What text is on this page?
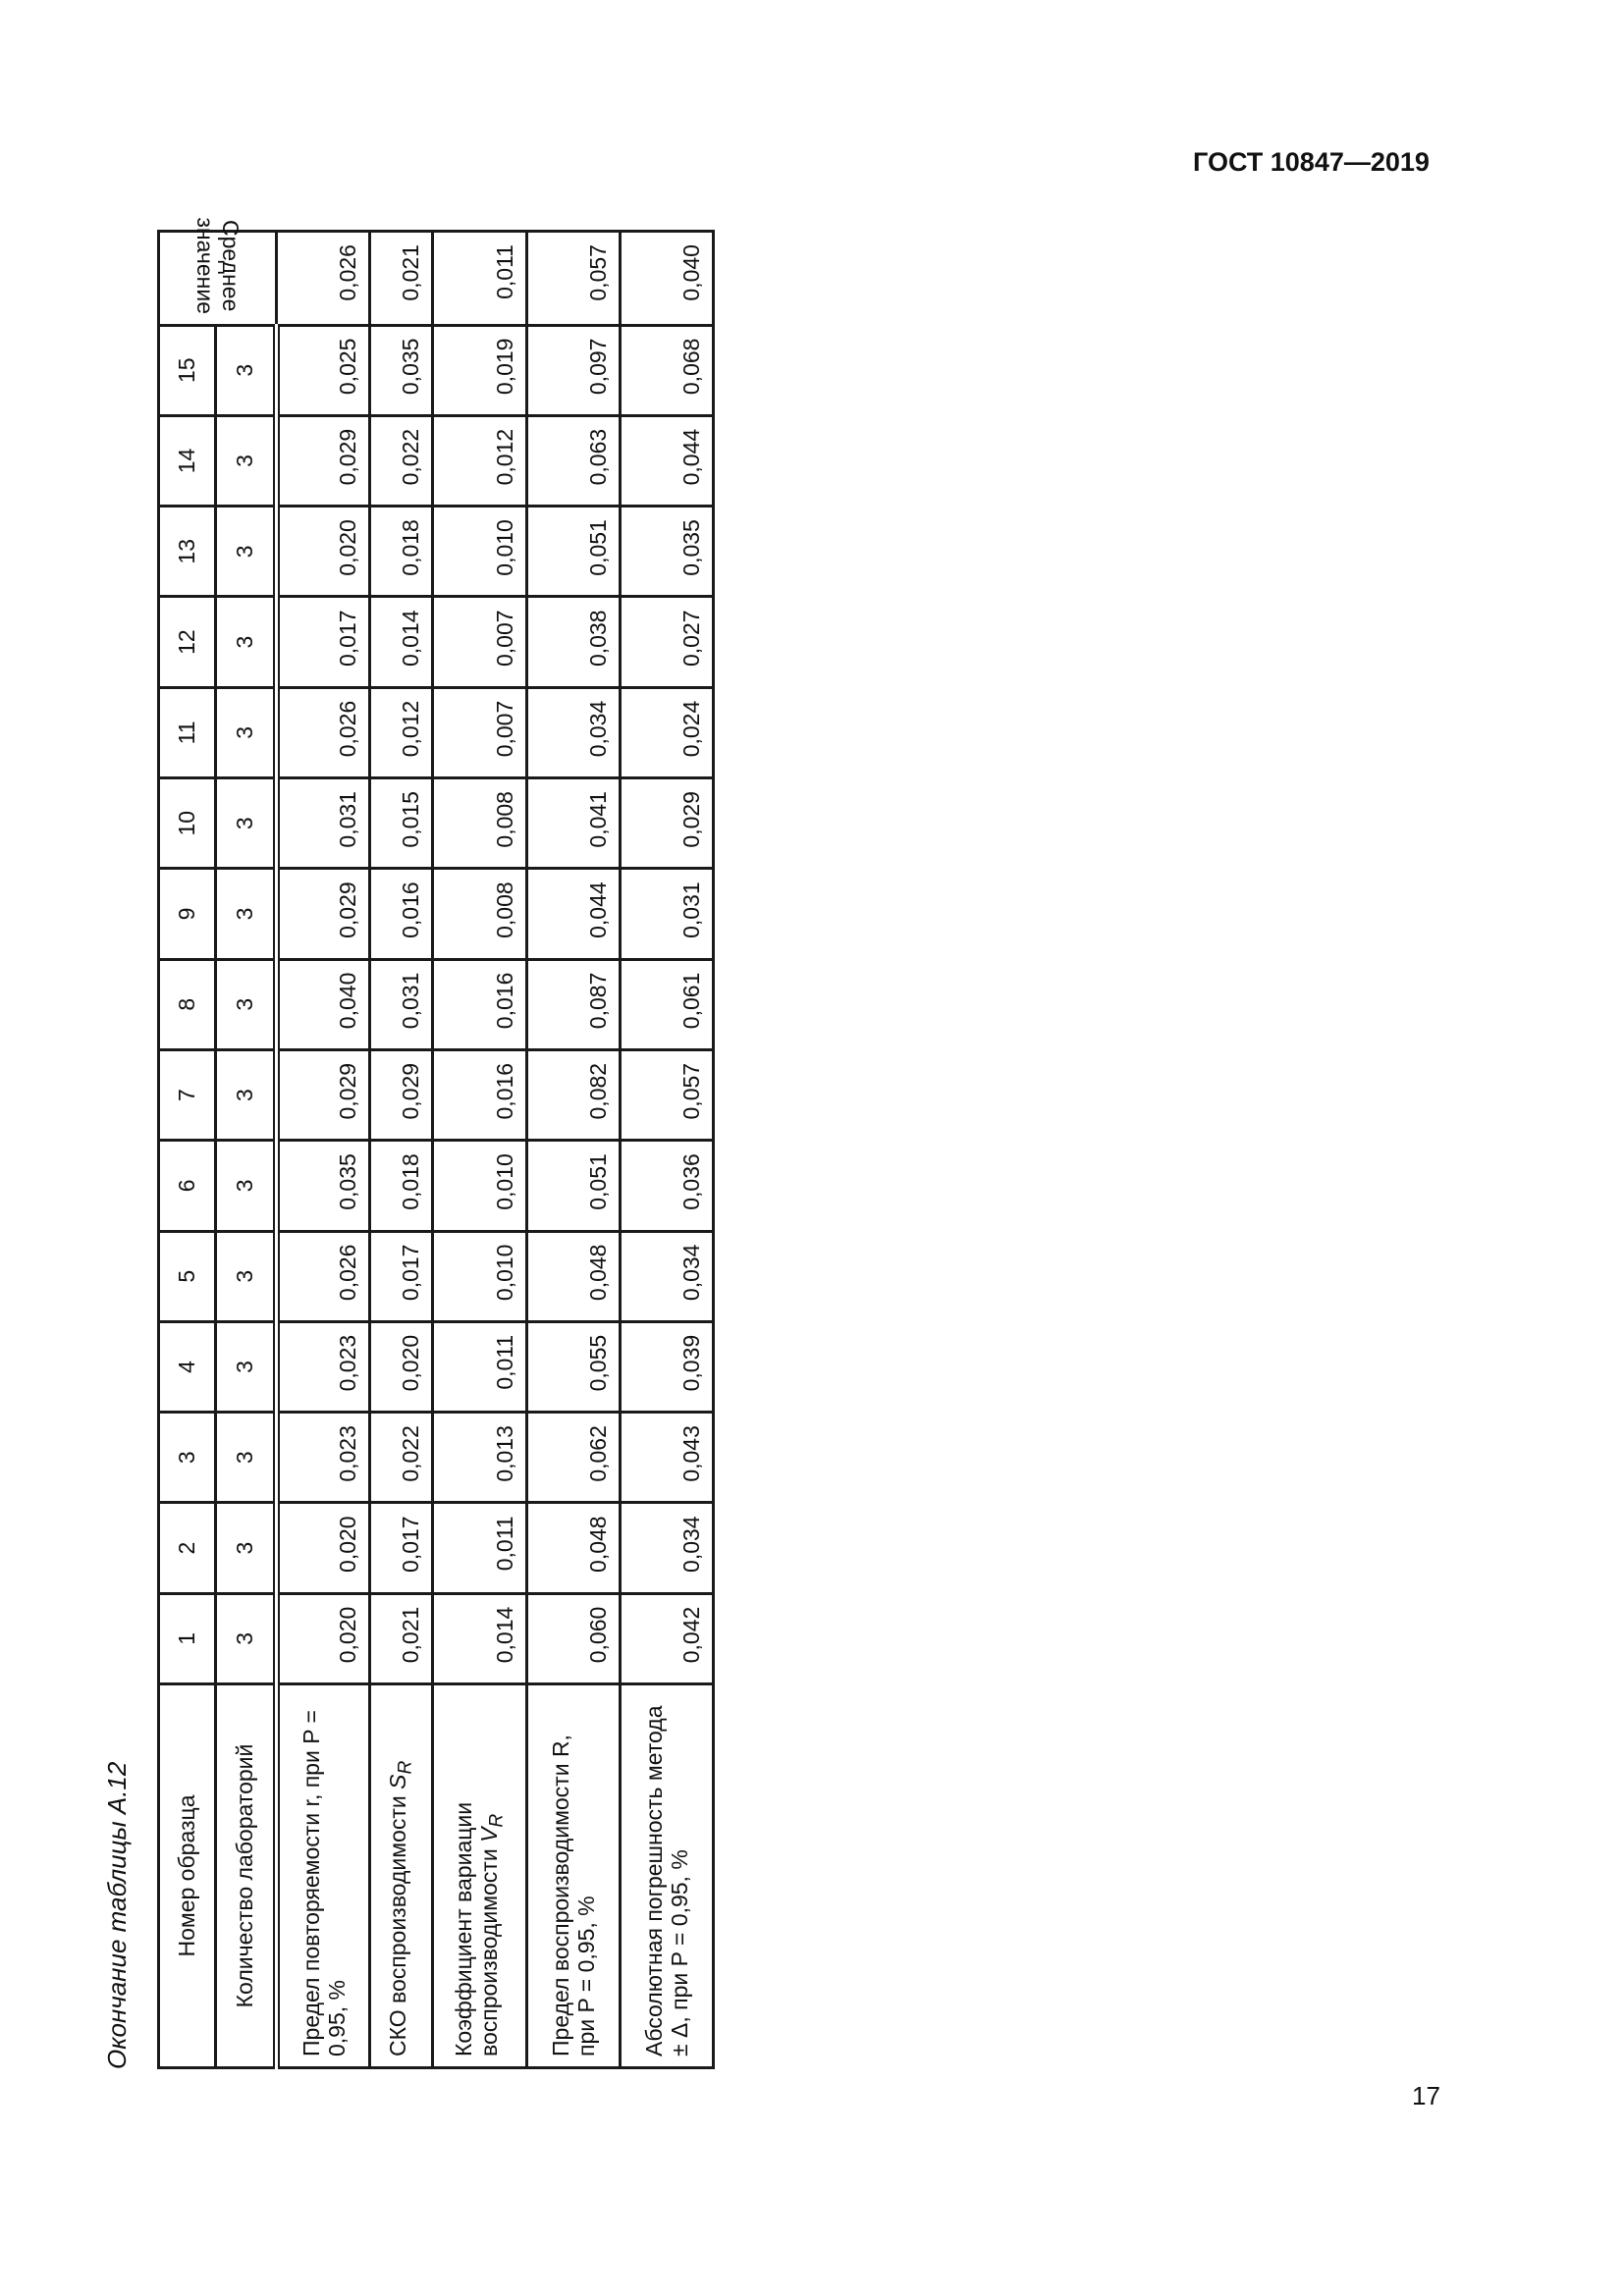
ГОСТ 10847—2019
17
Окончание таблицы А.12	Номер образца	1	2	3	4	5	6	7	8	9	10	11	12	13	14	15	Среднее значение
Количество лабораторий	3	3	3	3	3	3	3	3	3	3	3	3	3	3	3	
Предел повторяемости r, при P = 0,95, %	0,020	0,020	0,023	0,023	0,026	0,035	0,029	0,040	0,029	0,031	0,026	0,017	0,020	0,029	0,025	0,026
СКО воспроизводимости $S_R$	0,021	0,017	0,022	0,020	0,017	0,018	0,029	0,031	0,016	0,015	0,012	0,014	0,018	0,022	0,035	0,021
Коэффициент вариации воспроизводимости $V_R$	0,014	0,011	0,013	0,011	0,010	0,010	0,016	0,016	0,008	0,008	0,007	0,007	0,010	0,012	0,019	0,011
Предел воспроизводимости R, при P = 0,95, %	0,060	0,048	0,062	0,055	0,048	0,051	0,082	0,087	0,044	0,041	0,034	0,038	0,051	0,063	0,097	0,057
Абсолютная погрешность метода ± Δ, при P = 0,95, %	0,042	0,034	0,043	0,039	0,034	0,036	0,057	0,061	0,031	0,029	0,024	0,027	0,035	0,044	0,068	0,040
